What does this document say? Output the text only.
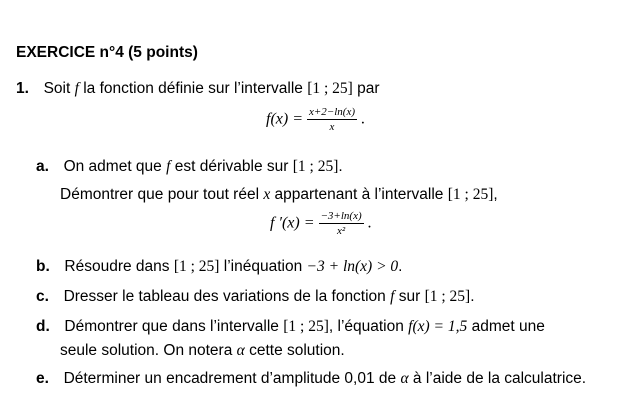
EXERCICE n°4 (5 points)
1. Soit f la fonction définie sur l’intervalle [1 ; 25] par
$f(x) = \frac{x+2-\ln(x)}{x}$ .
a. On admet que f est dérivable sur [1 ; 25].
Démontrer que pour tout réel x appartenant à l’intervalle [1 ; 25],
f $'(x) = \frac{-3+\ln(x)}{\text{x²}}$ .
b. Résoudre dans [1 ; 25] l’inéquation −3 + ln(x) > 0.
c. Dresser le tableau des variations de la fonction f sur [1 ; 25].
d. Démontrer que dans l’intervalle [1 ; 25], l’équation f(x) = 1,5 admet une
seule solution. On notera α cette solution.
e. Déterminer un encadrement d’amplitude 0,01 de α à l’aide de la calculatrice.
